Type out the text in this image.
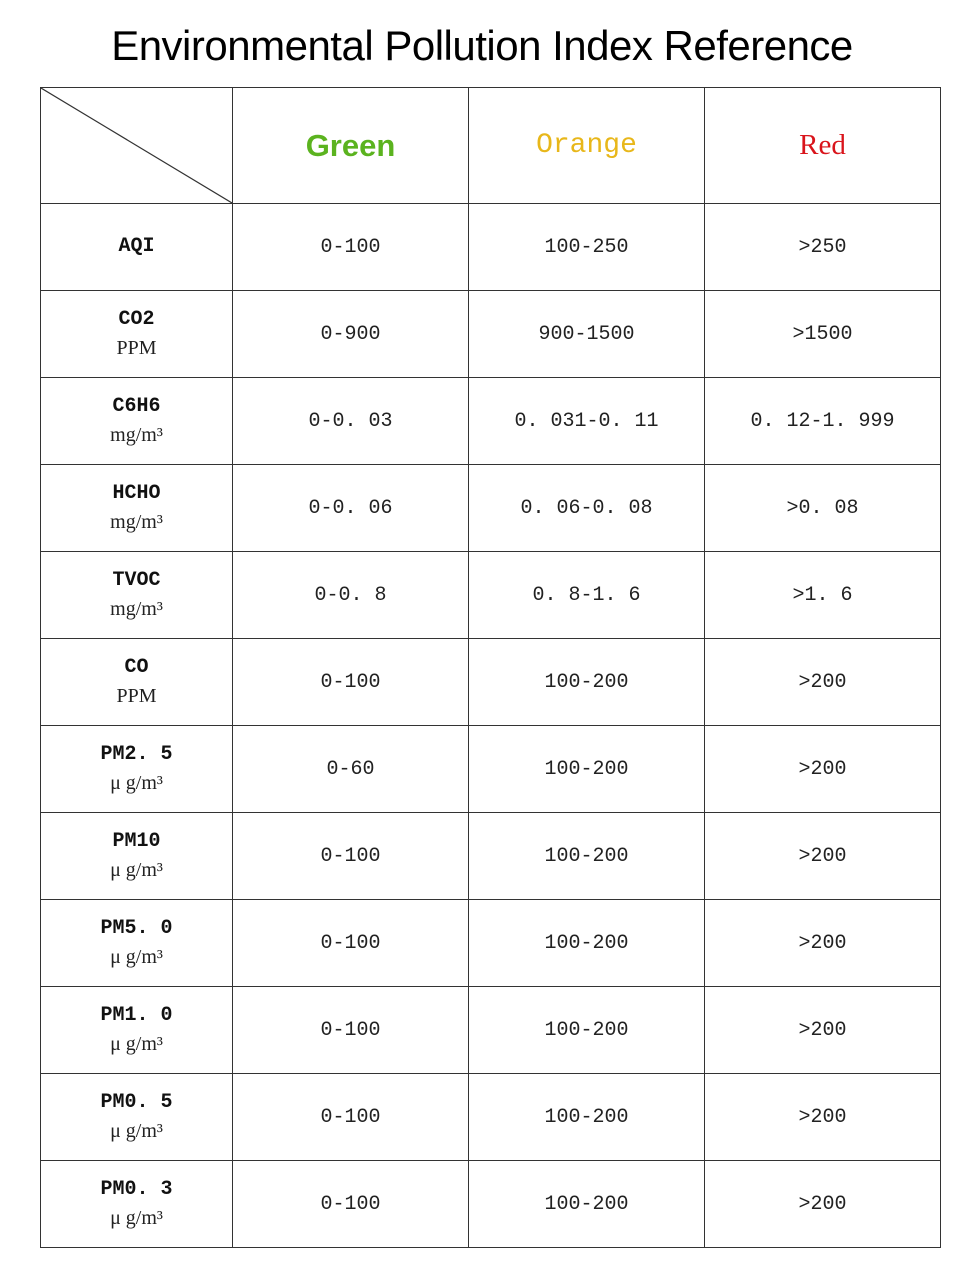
Environmental Pollution Index Reference
	Green	Orange	Red

AQI	0-100	100-250	>250

CO2
PPM	0-900	900-1500	>1500

C6H6
mg/m³	0-0. 03	0. 031-0. 11	0. 12-1. 999

HCHO
mg/m³	0-0. 06	0. 06-0. 08	>0. 08

TVOC
mg/m³	0-0. 8	0. 8-1. 6	>1. 6

CO
PPM	0-100	100-200	>200

PM2. 5
μ g/m³	0-60	100-200	>200

PM10
μ g/m³	0-100	100-200	>200

PM5. 0
μ g/m³	0-100	100-200	>200

PM1. 0
μ g/m³	0-100	100-200	>200

PM0. 5
μ g/m³	0-100	100-200	>200

PM0. 3
μ g/m³	0-100	100-200	>200
